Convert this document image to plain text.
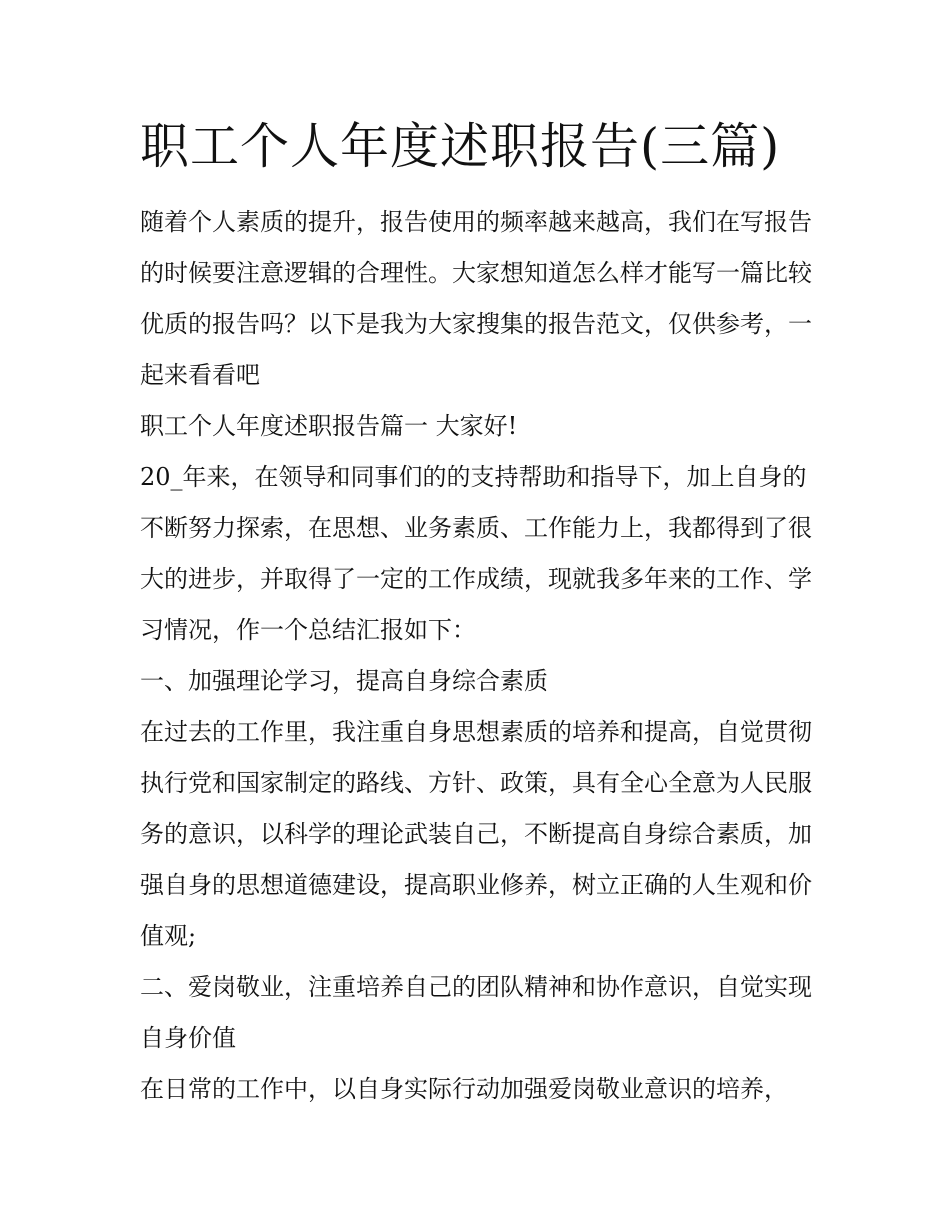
职工个人年度述职报告(三篇)

随着个人素质的提升，报告使用的频率越来越高，我们在写报告的时候要注意逻辑的合理性。大家想知道怎么样才能写一篇比较优质的报告吗？以下是我为大家搜集的报告范文，仅供参考，一起来看看吧

职工个人年度述职报告篇一 大家好!

20_年来，在领导和同事们的的支持帮助和指导下，加上自身的不断努力探索，在思想、业务素质、工作能力上，我都得到了很大的进步，并取得了一定的工作成绩，现就我多年来的工作、学习情况，作一个总结汇报如下：

一、加强理论学习，提高自身综合素质

在过去的工作里，我注重自身思想素质的培养和提高，自觉贯彻执行党和国家制定的路线、方针、政策，具有全心全意为人民服务的意识，以科学的理论武装自己，不断提高自身综合素质，加强自身的思想道德建设，提高职业修养，树立正确的人生观和价值观;

二、爱岗敬业，注重培养自己的团队精神和协作意识，自觉实现自身价值

在日常的工作中，以自身实际行动加强爱岗敬业意识的培养，
